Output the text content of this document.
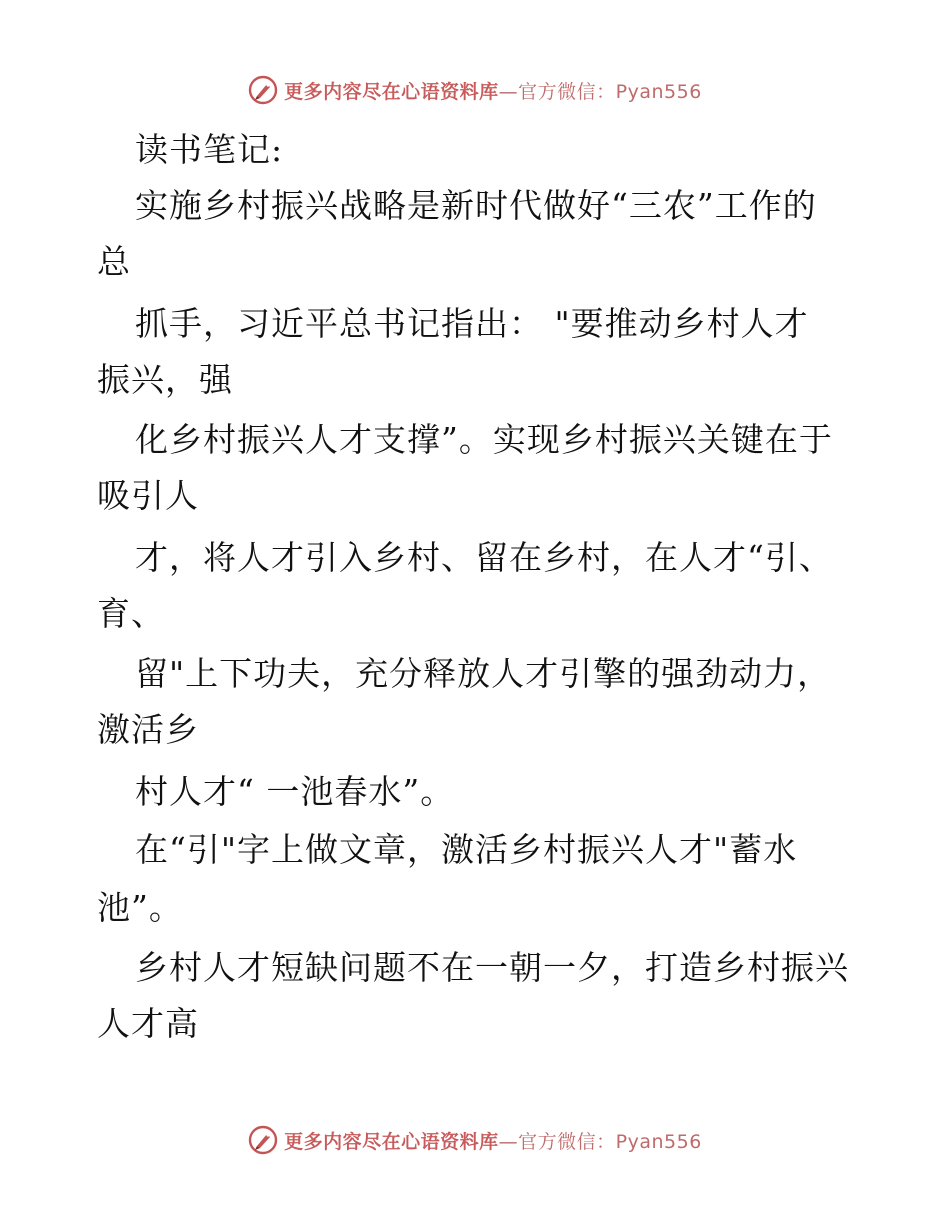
更多内容尽在心语资料库—官方微信：Pyan556
读书笔记:
实施乡村振兴战略是新时代做好“三农”工作的
总
抓手，习近平总书记指出： "要推动乡村人才
振兴，强
化乡村振兴人才支撑”。实现乡村振兴关键在于
吸引人
才，将人才引入乡村、留在乡村，在人才“引、
育、
留"上下功夫，充分释放人才引擎的强劲动力，
激活乡
村人才“ 一池春水”。
在“引"字上做文章，激活乡村振兴人才"蓄水
池”。
乡村人才短缺问题不在一朝一夕，打造乡村振兴
人才高
更多内容尽在心语资料库—官方微信：Pyan556
